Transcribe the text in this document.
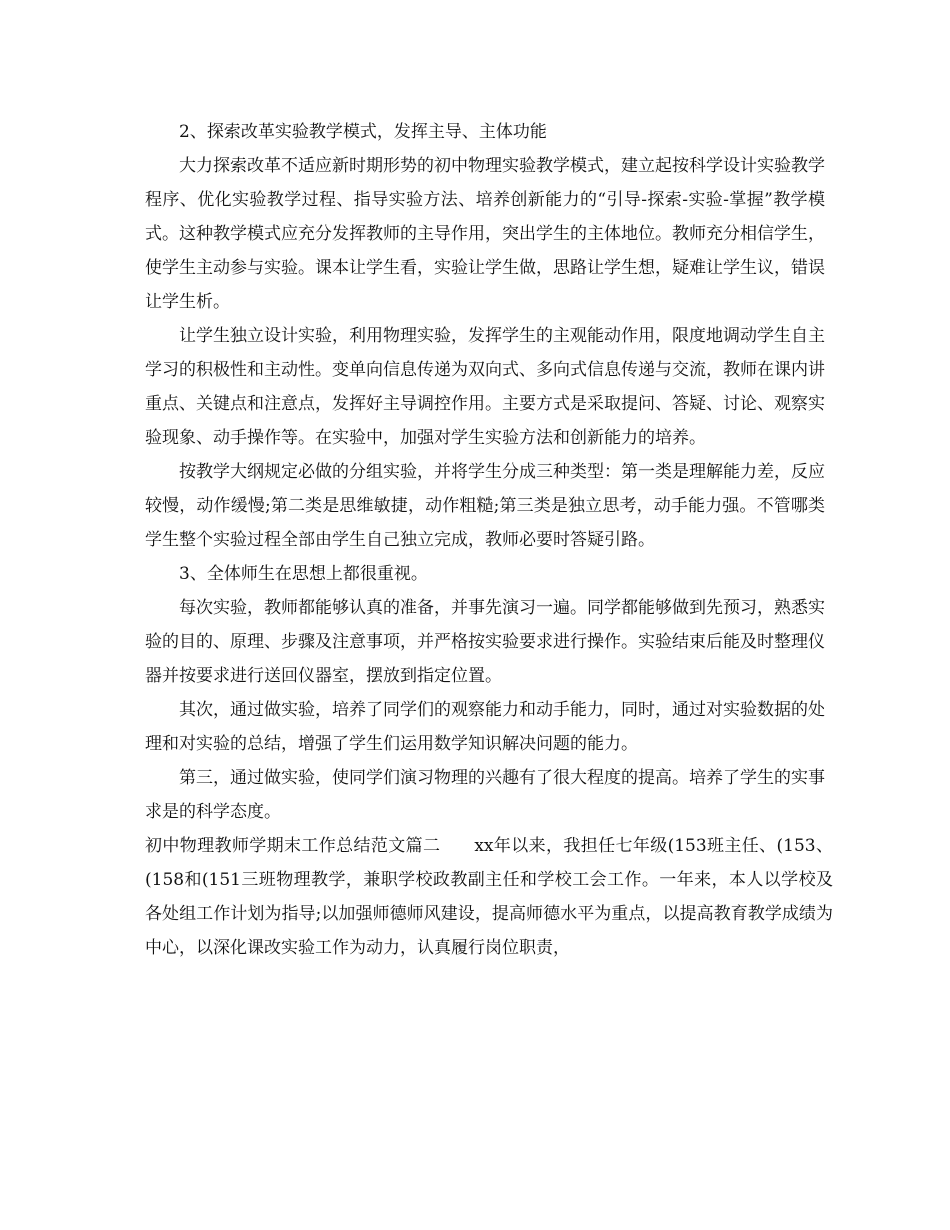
2、探索改革实验教学模式，发挥主导、主体功能

大力探索改革不适应新时期形势的初中物理实验教学模式，建立起按科学设计实验教学程序、优化实验教学过程、指导实验方法、培养创新能力的“引导-探索-实验-掌握”教学模式。这种教学模式应充分发挥教师的主导作用，突出学生的主体地位。教师充分相信学生，使学生主动参与实验。课本让学生看，实验让学生做，思路让学生想，疑难让学生议，错误让学生析。

让学生独立设计实验，利用物理实验，发挥学生的主观能动作用，限度地调动学生自主学习的积极性和主动性。变单向信息传递为双向式、多向式信息传递与交流，教师在课内讲重点、关键点和注意点，发挥好主导调控作用。主要方式是采取提问、答疑、讨论、观察实验现象、动手操作等。在实验中，加强对学生实验方法和创新能力的培养。

按教学大纲规定必做的分组实验，并将学生分成三种类型：第一类是理解能力差，反应较慢，动作缓慢;第二类是思维敏捷，动作粗糙;第三类是独立思考，动手能力强。不管哪类学生整个实验过程全部由学生自己独立完成，教师必要时答疑引路。

3、全体师生在思想上都很重视。

每次实验，教师都能够认真的准备，并事先演习一遍。同学都能够做到先预习，熟悉实验的目的、原理、步骤及注意事项，并严格按实验要求进行操作。实验结束后能及时整理仪器并按要求进行送回仪器室，摆放到指定位置。

其次，通过做实验，培养了同学们的观察能力和动手能力，同时，通过对实验数据的处理和对实验的总结，增强了学生们运用数学知识解决问题的能力。

第三，通过做实验，使同学们演习物理的兴趣有了很大程度的提高。培养了学生的实事求是的科学态度。

初中物理教师学期末工作总结范文篇二 xx年以来，我担任七年级(153班主任、(153、(158和(151三班物理教学，兼职学校政教副主任和学校工会工作。一年来，本人以学校及各处组工作计划为指导;以加强师德师风建设，提高师德水平为重点，以提高教育教学成绩为中心，以深化课改实验工作为动力，认真履行岗位职责，
